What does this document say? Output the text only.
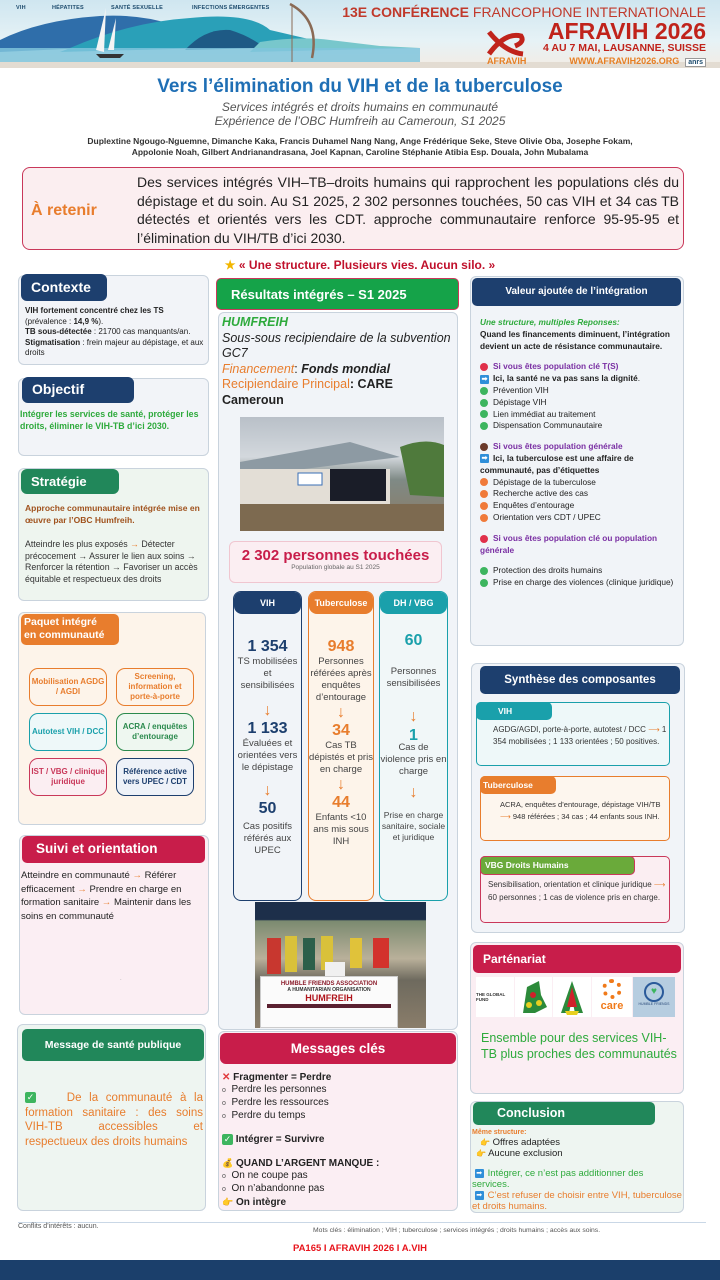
VIH	HÉPATITES	SANTÉ SEXUELLE	INFECTIONS ÉMERGENTES
AFRAVIH
13E CONFÉRENCE FRANCOPHONE INTERNATIONALE
AFRAVIH 2026
4 AU 7 MAI, LAUSANNE, SUISSE
WWW.AFRAVIH2026.ORG anrs
Vers l’élimination du VIH et de la tuberculose
Services intégrés et droits humains en communauté
Expérience de l’OBC Humfreih au Cameroun, S1 2025
Duplextine Ngougo-Nguemne, Dimanche Kaka, Francis Duhamel Nang Nang, Ange Frédérique Seke, Steve Olivie Oba, Josephe Fokam,
Appolonie Noah, Gilbert Andrianandrasana, Joel Kapnan, Caroline Stéphanie Atibia Esp. Douala, John Mubalama
À retenir
Des services intégrés VIH–TB–droits humains qui rapprochent les populations clés du dépistage et du soin. Au S1 2025, 2 302 personnes touchées, 50 cas VIH et 34 cas TB détectés et orientés vers les CDT. approche communautaire renforce 95-95-95 et l’élimination du VIH/TB d’ici 2030.
★ « Une structure. Plusieurs vies. Aucun silo. »
Contexte
VIH fortement concentré chez les TS
(prévalence : 14,9 %).
TB sous-détectée : 21700 cas manquants/an.
Stigmatisation : frein majeur au dépistage, et aux droits
Objectif
Intégrer les services de santé, protéger les droits, éliminer le VIH-TB d’ici 2030.
Stratégie
Approche communautaire intégrée mise en œuvre par l’OBC Humfreih.
Atteindre les plus exposés → Détecter précocement → Assurer le lien aux soins → Renforcer la rétention → Favoriser un accès équitable et respectueux des droits
Paquet intégré
en communauté
Mobilisation AGDG / AGDI
Screening, information et porte-à-porte
Autotest VIH / DCC
ACRA / enquêtes d’entourage
IST / VBG / clinique juridique
Référence active vers UPEC / CDT
Suivi et orientation
Atteindre en communauté → Référer efficacement → Prendre en charge en formation sanitaire → Maintenir dans les soins en communauté
.
Message de santé publique
✓	De la communauté à la formation sanitaire : des soins VIH-TB accessibles et respectueux des droits humains
Résultats intégrés – S1 2025
HUMFREIH
Sous-sous recipiendaire de la subvention GC7
Financement: Fonds mondial
Recipiendaire Principal: CARE Cameroun
2 302 personnes touchées
Population globale au S1 2025
VIH
1 354
TS mobilisées et sensibilisées
↓
1 133
Évaluées et orientées vers le dépistage
↓
50
Cas positifs référés aux UPEC
Tuberculose
948
Personnes référées après enquêtes d’entourage
↓
34
Cas TB dépistés et pris en charge
↓
44
Enfants <10 ans mis sous INH
DH / VBG
60
Personnes sensibilisées
↓
1
Cas de violence pris en charge
↓
Prise en charge sanitaire, sociale et juridique
HUMBLE FRIENDS ASSOCIATION
A HUMANITARIAN ORGANISATION
HUMFREIH
Messages clés
✕ Fragmenter = Perdre
o Perdre les personnes
o Perdre les ressources
o Perdre du temps
✓ Intégrer = Survivre
💰 QUAND L’ARGENT MANQUE :
o On ne coupe pas
o On n’abandonne pas
👉 On intègre
Valeur ajoutée de l’intégration
Une structure, multiples Reponses:
Quand les financements diminuent, l’intégration devient un acte de résistance communautaire.
Si vous êtes population clé T(S)
➡ Ici, la santé ne va pas sans la dignité.
Prévention VIH
Dépistage VIH
Lien immédiat au traitement
Dispensation Communautaire
Si vous êtes population générale
➡ Ici, la tuberculose est une affaire de communauté, pas d’étiquettes
Dépistage de la tuberculose
Recherche active des cas
Enquêtes d’entourage
Orientation vers CDT / UPEC
Si vous êtes population clé ou population générale
Protection des droits humains
Prise en charge des violences (clinique juridique)
Synthèse des composantes
VIH
AGDG/AGDI, porte-à-porte, autotest / DCC ⟶ 1 354 mobilisées ; 1 133 orientées ; 50 positives.
Tuberculose
ACRA, enquêtes d’entourage, dépistage VIH/TB ⟶ 948 référées ; 34 cas ; 44 enfants sous INH.
VBG Droits Humains
Sensibilisation, orientation et clinique juridique ⟶ 60 personnes ; 1 cas de violence pris en charge.
Parténariat
THE GLOBAL FUND
care
♥
HUMBLE FRIENDS
Ensemble pour des services VIH-TB plus proches des communautés
Conclusion
Même structure:
👉 Offres adaptées
👉 Aucune exclusion
➡ Intégrer, ce n’est pas additionner des services.
➡ C’est refuser de choisir entre VIH, tuberculose et droits humains.
Conflits d’intérêts : aucun.
Mots clés : élimination ; VIH ; tuberculose ; services intégrés ; droits humains ; accès aux soins.
PA165 I AFRAVIH 2026 I A.VIH
